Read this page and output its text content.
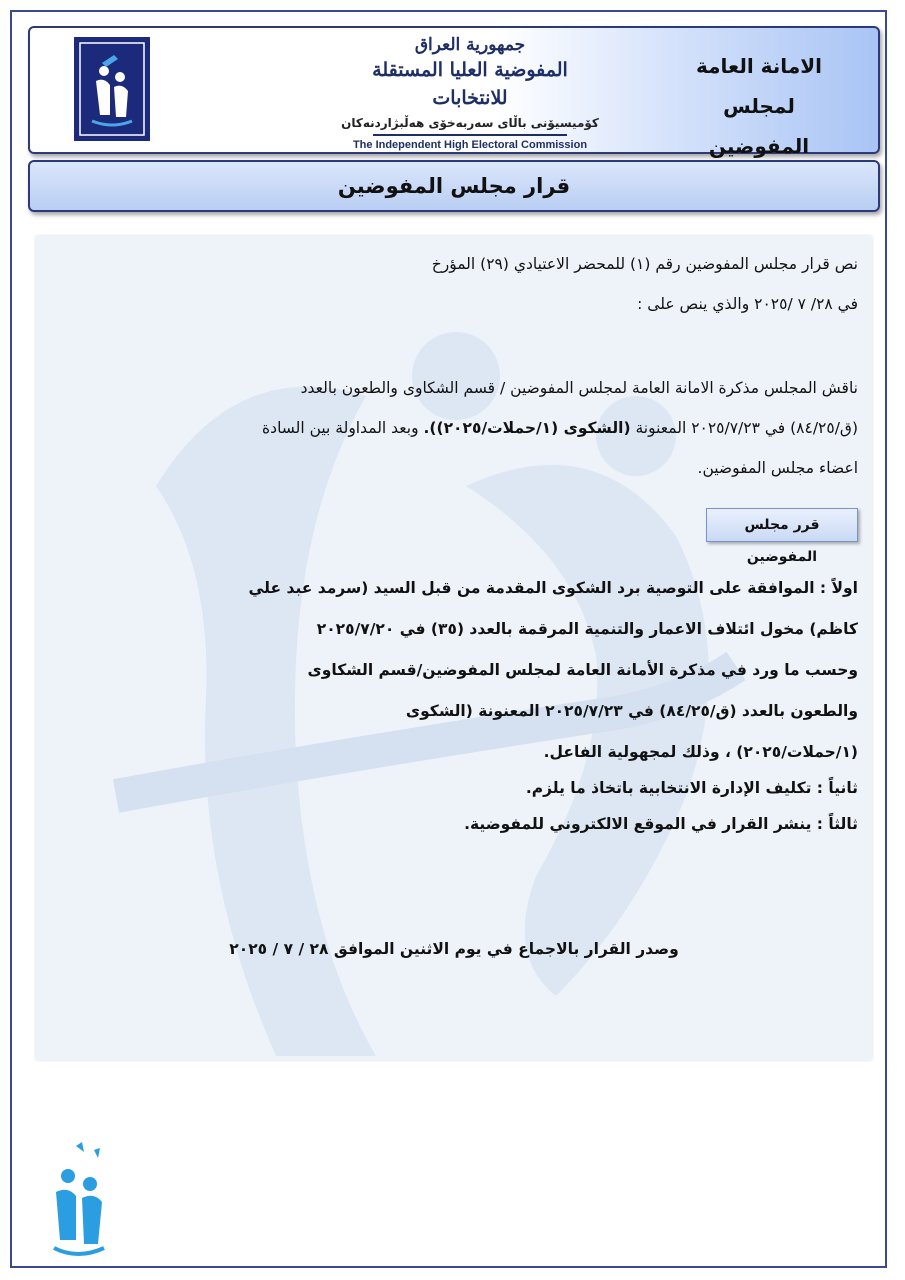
الامانة العامة
لمجلس المفوضين
جمهورية العراق
المفوضية العليا المستقلة للانتخابات
كۆمیسیۆنی باڵای سەربەخۆی هەڵبژاردنەکان
The Independent High Electoral Commission
قرار مجلس المفوضين
نص قرار مجلس المفوضين رقم (١) للمحضر الاعتيادي (٢٩) المؤرخ
في ٢٨/ ٧ /٢٠٢٥ والذي ينص على :
ناقش المجلس مذكرة الامانة العامة لمجلس المفوضين / قسم الشكاوى والطعون بالعدد
(ق/٨٤/٢٥) في ٢٠٢٥/٧/٢٣ المعنونة (الشكوى (١/حملات/٢٠٢٥)). وبعد المداولة بين السادة
اعضاء مجلس المفوضين.
قرر مجلس المفوضين
اولاً : الموافقة على التوصية برد الشكوى المقدمة من قبل السيد (سرمد عبد علي
كاظم) مخول ائتلاف الاعمار والتنمية المرقمة بالعدد (٣٥) في ٢٠٢٥/٧/٢٠
وحسب ما ورد في مذكرة الأمانة العامة لمجلس المفوضين/قسم الشكاوى
والطعون بالعدد (ق/٨٤/٢٥) في ٢٠٢٥/٧/٢٣ المعنونة (الشكوى
(١/حملات/٢٠٢٥) ، وذلك لمجهولية الفاعل.
ثانياً : تكليف الإدارة الانتخابية باتخاذ ما يلزم.
ثالثاً : ينشر القرار في الموقع الالكتروني للمفوضية.
وصدر القرار بالاجماع في يوم الاثنين الموافق ٢٨ / ٧ / ٢٠٢٥
